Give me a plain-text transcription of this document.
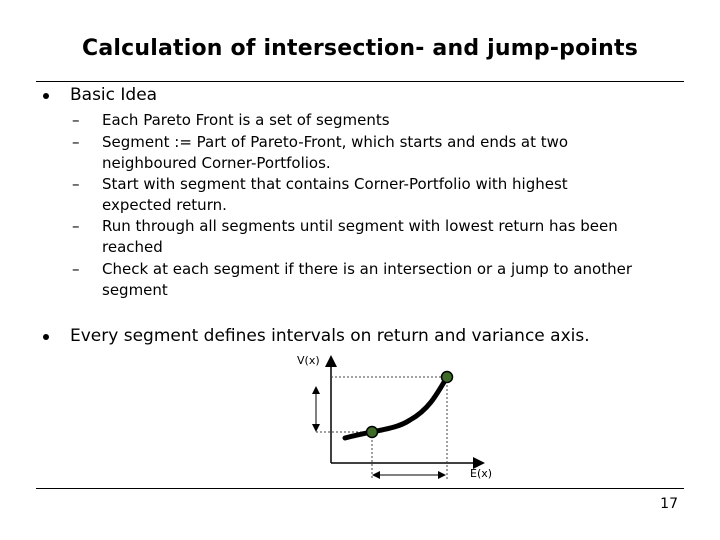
Calculation of intersection- and jump-points
Basic Idea
– Each Pareto Front is a set of segments
– Segment := Part of Pareto-Front, which starts and ends at two neighboured Corner-Portfolios.
– Start with segment that contains Corner-Portfolio with highest expected return.
– Run through all segments until segment with lowest return has been reached
– Check at each segment if there is an intersection or a jump to another segment
Every segment defines intervals on return and variance axis.
V(x)
E(x)
17
